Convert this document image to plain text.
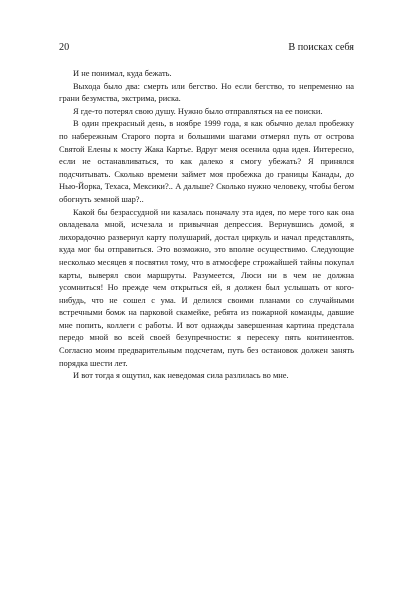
20	В поисках себя

И не понимал, куда бежать.

Выхода было два: смерть или бегство. Но если бегство, то непременно на грани безумства, экстрима, риска.

Я где-то потерял свою душу. Нужно было отправляться на ее поиски.

В один прекрасный день, в ноябре 1999 года, я как обычно делал пробежку по набережным Старого порта и большими шагами отмерял путь от острова Святой Елены к мосту Жака Картье. Вдруг меня осенила одна идея. Интересно, если не останавливаться, то как далеко я смогу убежать? Я принялся подсчитывать. Сколько времени займет моя пробежка до границы Канады, до Нью-Йорка, Техаса, Мексики?.. А дальше? Сколько нужно человеку, чтобы бегом обогнуть земной шар?..

Какой бы безрассудной ни казалась поначалу эта идея, по мере того как она овладевала мной, исчезала и привычная депрессия. Вернувшись домой, я лихорадочно развернул карту полушарий, достал циркуль и начал представлять, куда мог бы отправиться. Это возможно, это вполне осуществимо. Следующие несколько месяцев я посвятил тому, что в атмосфере строжайшей тайны покупал карты, выверял свои маршруты. Разумеется, Люси ни в чем не должна усомниться! Но прежде чем открыться ей, я должен был услышать от кого-нибудь, что не сошел с ума. И делился своими планами со случайными встречными бомж на парковой скамейке, ребята из пожарной команды, давшие мне попить, коллеги с работы. И вот однажды завершенная картина предстала передо мной во всей своей безупречности: я пересеку пять континентов. Согласно моим предварительным подсчетам, путь без остановок должен занять порядка шести лет.

И вот тогда я ощутил, как неведомая сила разлилась во мне.
